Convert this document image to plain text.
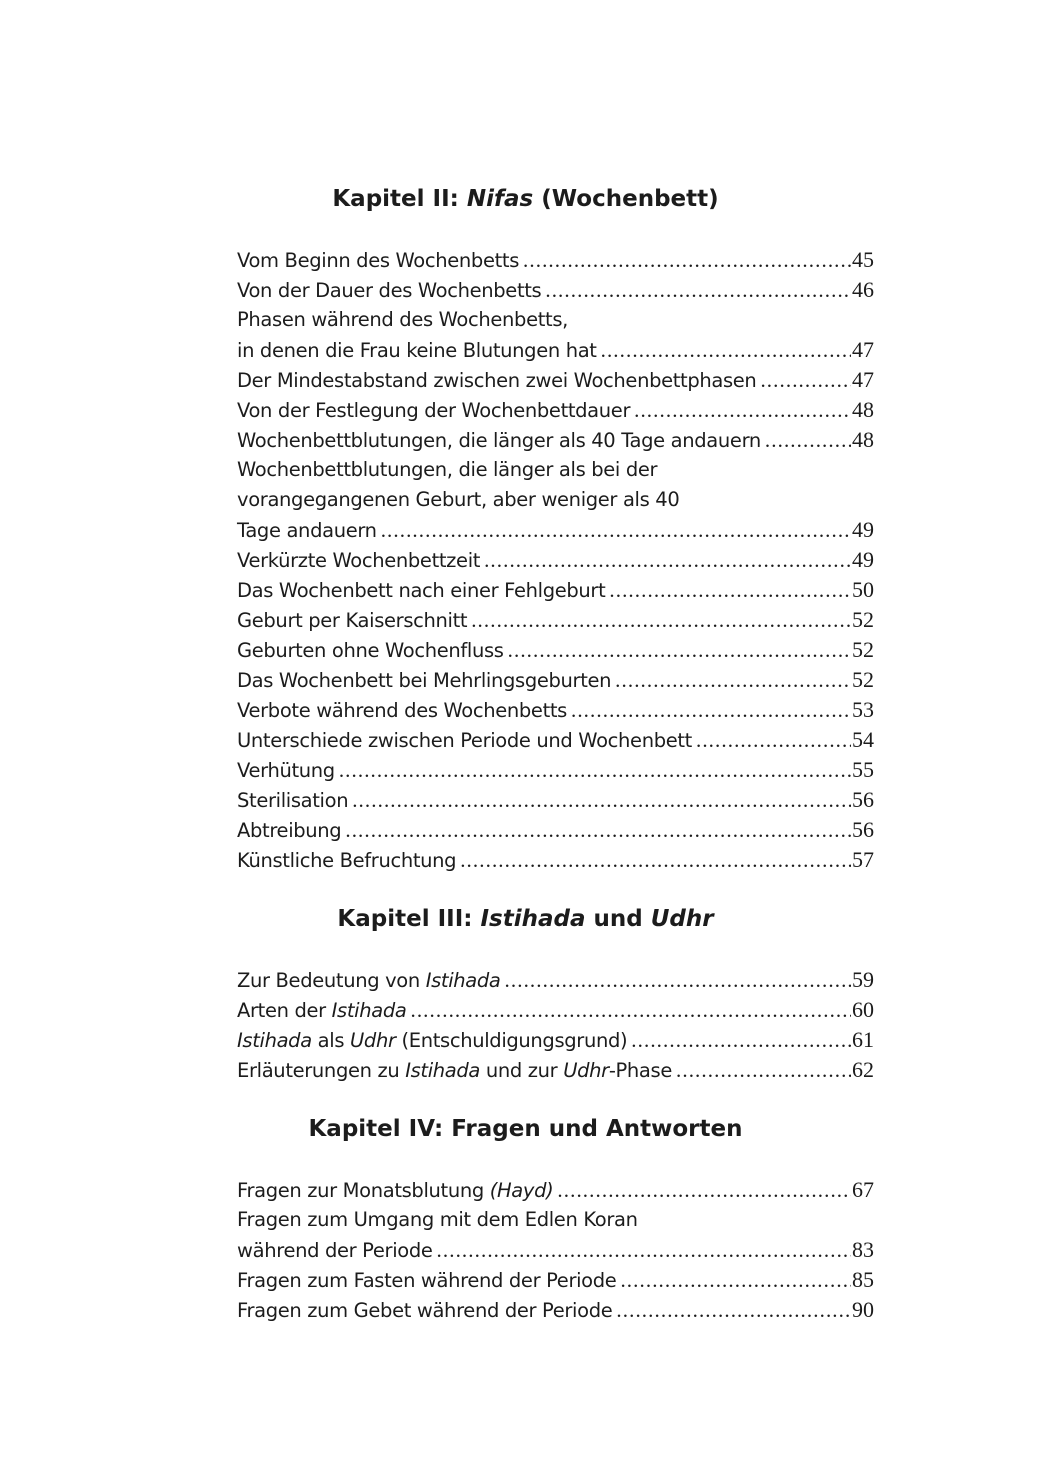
Kapitel II: Nifas (Wochenbett)
Vom Beginn des Wochenbetts .....	45
Von der Dauer des Wochenbetts .....	46
Phasen während des Wochenbetts,
in denen die Frau keine Blutungen hat .....	47
Der Mindestabstand zwischen zwei Wochenbettphasen .....	47
Von der Festlegung der Wochenbettdauer .....	48
Wochenbettblutungen, die länger als 40 Tage andauern .....	48
Wochenbettblutungen, die länger als bei der
vorangegangenen Geburt, aber weniger als 40
Tage andauern .....	49
Verkürzte Wochenbettzeit .....	49
Das Wochenbett nach einer Fehlgeburt .....	50
Geburt per Kaiserschnitt .....	52
Geburten ohne Wochenfluss .....	52
Das Wochenbett bei Mehrlingsgeburten .....	52
Verbote während des Wochenbetts .....	53
Unterschiede zwischen Periode und Wochenbett .....	54
Verhütung .....	55
Sterilisation .....	56
Abtreibung .....	56
Künstliche Befruchtung .....	57
Kapitel III: Istihada und Udhr
Zur Bedeutung von Istihada .....	59
Arten der Istihada .....	60
Istihada als Udhr (Entschuldigungsgrund) .....	61
Erläuterungen zu Istihada und zur Udhr-Phase .....	62
Kapitel IV: Fragen und Antworten
Fragen zur Monatsblutung (Hayd) .....	67
Fragen zum Umgang mit dem Edlen Koran
während der Periode .....	83
Fragen zum Fasten während der Periode .....	85
Fragen zum Gebet während der Periode .....	90
